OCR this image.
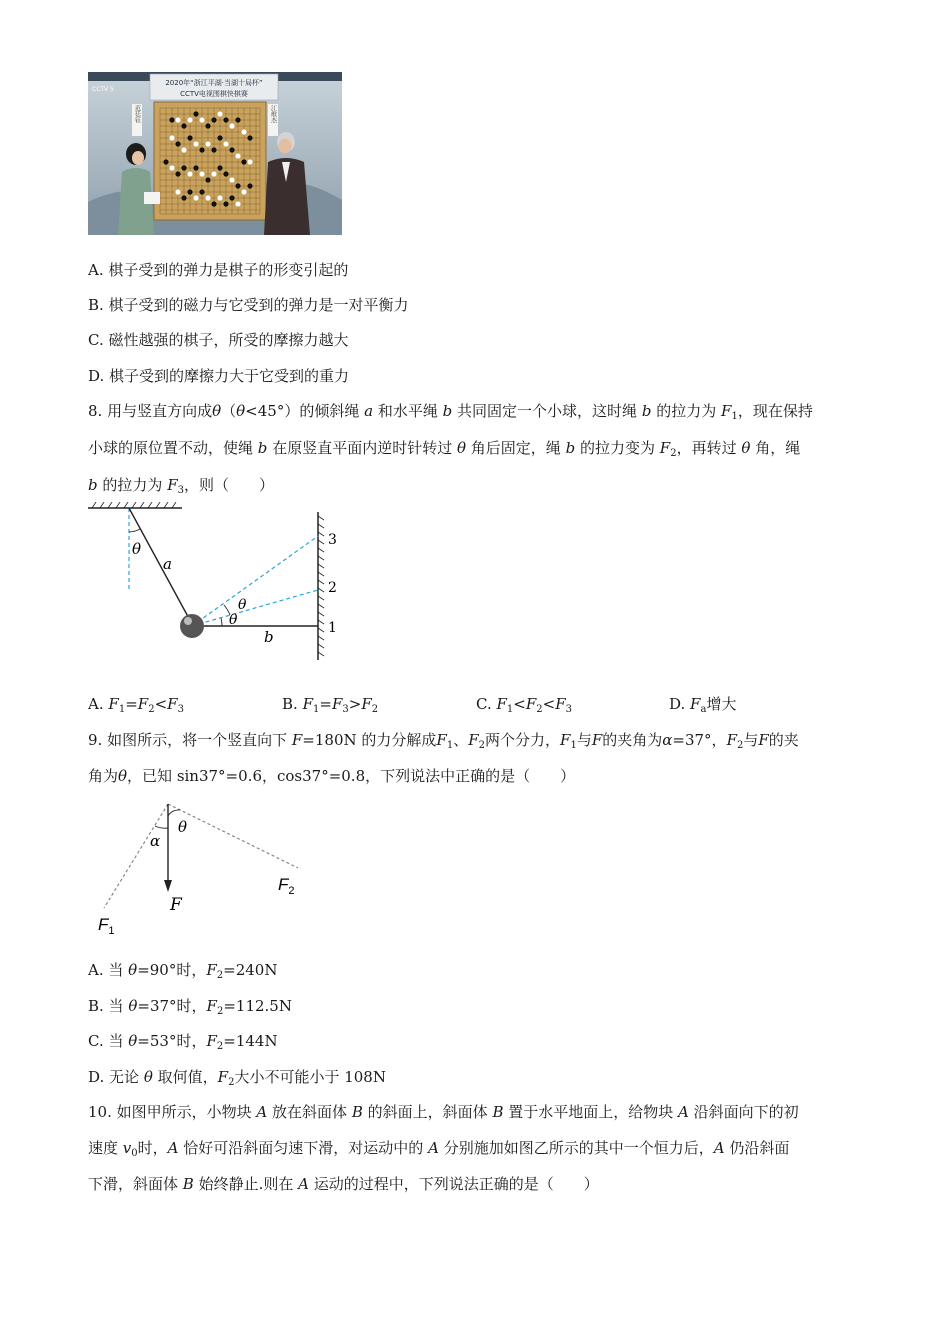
CCTV 5
2020年“浙江平湖·当湖十局杯”
CCTV电视围棋快棋赛
范廷钰	江维杰
A. 棋子受到的弹力是棋子的形变引起的
B. 棋子受到的磁力与它受到的弹力是一对平衡力
C. 磁性越强的棋子，所受的摩擦力越大
D. 棋子受到的摩擦力大于它受到的重力
8. 用与竖直方向成θ（θ<45°）的倾斜绳 a 和水平绳 b 共同固定一个小球，这时绳 b 的拉力为 $F_1$，现在保持
小球的原位置不动，使绳 b 在原竖直平面内逆时针转过 θ 角后固定，绳 b 的拉力变为 $F_2$，再转过 θ 角，绳
b 的拉力为 $F_3$，则（　　）
θ
a
θ
θ
b	1
2
3
A. $F_1=F_2<F_3$	B. $F_1=F_3>F_2$	C. $F_1<F_2<F_3$	D. $F_a$增大
9. 如图所示，将一个竖直向下 F=180N 的力分解成$F_1$、$F_2$两个分力，$F_1$与F的夹角为α=37°，$F_2$与F的夹
角为θ，已知 sin37°=0.6，cos37°=0.8，下列说法中正确的是（　　）
θ
α
F
$F_1$
$F_2$
A. 当 θ=90°时，$F_2=240N$
B. 当 θ=37°时，$F_2=112.5N$
C. 当 θ=53°时，$F_2=144N$
D. 无论 θ 取何值，$F_2$大小不可能小于 108N
10. 如图甲所示，小物块 A 放在斜面体 B 的斜面上，斜面体 B 置于水平地面上，给物块 A 沿斜面向下的初
速度 $v_0$时，A 恰好可沿斜面匀速下滑，对运动中的 A 分别施加如图乙所示的其中一个恒力后，A 仍沿斜面
下滑，斜面体 B 始终静止.则在 A 运动的过程中，下列说法正确的是（　　）
